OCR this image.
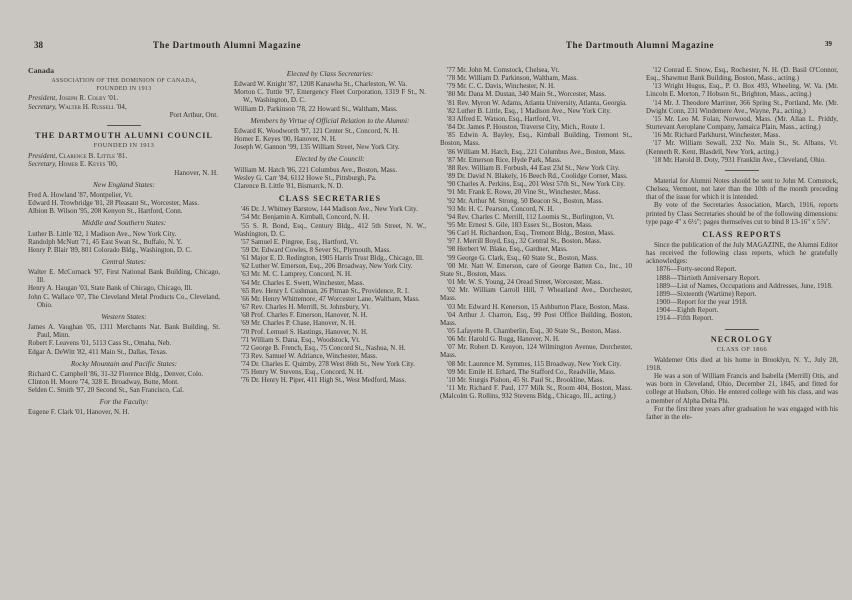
38	The Dartmouth Alumni Magazine
Canada
ASSOCIATION OF THE DOMINION OF CANADA, FOUNDED IN 1913
President, Joseph R. Colby '01.
Secretary, Walter H. Russell '04,
Port Arthur, Ont.
THE DARTMOUTH ALUMNI COUNCIL
FOUNDED IN 1913
President, Clarence B. Little '81.
Secretary, Homer E. Keyes '00,
Hanover, N. H.
New England States:
Fred A. Howland '87, Montpelier, Vt.
Edward H. Trowbridge '81, 28 Pleasant St., Worcester, Mass.
Albion B. Wilson '95, 208 Kenyon St., Hartford, Conn.
Middle and Southern States:
Luther B. Little '82, 1 Madison Ave., New York City.
Randolph McNutt '71, 45 East Swan St., Buffalo, N. Y.
Henry P. Blair '89, 801 Colorado Bldg., Washington, D. C.
Central States:
Walter E. McCornack '97, First National Bank Building, Chicago, Ill.
Henry A. Haugan '03, State Bank of Chicago, Chicago, Ill.
John C. Wallace '07, The Cleveland Metal Products Co., Cleveland, Ohio.
Western States:
James A. Vaughan '05, 1311 Merchants Nat. Bank Building, St. Paul, Minn.
Robert F. Leavens '01, 5113 Cass St., Omaha, Neb.
Edgar A. DeWitt '82, 411 Main St., Dallas, Texas.
Rocky Mountain and Pacific States:
Richard C. Campbell '86, 31-32 Florence Bldg., Denver, Colo.
Clinton H. Moore '74, 328 E. Broadway, Butte, Mont.
Selden C. Smith '97, 20 Second St., San Francisco, Cal.
For the Faculty:
Eugene F. Clark '01, Hanover, N. H.
Elected by Class Secretaries:
Edward W. Knight '87, 1208 Kanawha St., Charleston, W. Va.
Morton C. Tuttle '97, Emergency Fleet Corporation, 1319 F St., N. W., Washington, D. C.
William D. Parkinson '78, 22 Howard St., Waltham, Mass.
Members by Virtue of Official Relation to the Alumni:
Edward K. Woodworth '97, 121 Center St., Concord, N. H.
Homer E. Keyes '00, Hanover, N. H.
Joseph W. Gannon '99, 135 William Street, New York City.
Elected by the Council:
William M. Hatch '86, 221 Columbus Ave., Boston, Mass.
Wesley G. Carr '84, 6112 Howe St., Pittsburgh, Pa.
Clarence B. Little '81, Bismarck, N. D.
CLASS SECRETARIES
'46 Dr. J. Whitney Barstow, 144 Madison Ave., New York City.
'54 Mr. Benjamin A. Kimball, Concord, N. H.
'55 S. R. Bond, Esq., Century Bldg., 412 5th Street, N. W., Washington, D. C.
'57 Samuel E. Pingree, Esq., Hartford, Vt.
'59 Dr. Edward Cowles, 8 Sever St., Plymouth, Mass.
'61 Major E. D. Redington, 1905 Harris Trust Bldg., Chicago, Ill.
'62 Luther W. Emerson, Esq., 206 Broadway, New York City.
'63 Mr. M. C. Lamprey, Concord, N. H.
'64 Mr. Charles E. Swett, Winchester, Mass.
'65 Rev. Henry I. Cushman, 26 Pitman St., Providence, R. I.
'66 Mr. Henry Whittemore, 47 Worcester Lane, Waltham, Mass.
'67 Rev. Charles H. Merrill, St. Johnsbury, Vt.
'68 Prof. Charles F. Emerson, Hanover, N. H.
'69 Mr. Charles P. Chase, Hanover, N. H.
'70 Prof. Lemuel S. Hastings, Hanover, N. H.
'71 William S. Dana, Esq., Woodstock, Vt.
'72 George B. French, Esq., 75 Concord St., Nashua, N. H.
'73 Rev. Samuel W. Adriance, Winchester, Mass.
'74 Dr. Charles E. Quimby, 278 West 86th St., New York City.
'75 Henry W. Stevens, Esq., Concord, N. H.
'76 Dr. Henry H. Piper, 411 High St., West Medford, Mass.
The Dartmouth Alumni Magazine	39
'77 Mr. John M. Comstock, Chelsea, Vt.
'78 Mr. William D. Parkinson, Waltham, Mass.
'79 Mr. C. C. Davis, Winchester, N. H.
'80 Mr. Dana M. Dustan, 340 Main St., Worcester, Mass.
'81 Rev. Myron W. Adams, Atlanta University, Atlanta, Georgia.
'82 Luther B. Little, Esq., 1 Madison Ave., New York City.
'83 Alfred E. Watson, Esq., Hartford, Vt.
'84 Dr. James P. Houston, Traverse City, Mich., Route 1.
'85 Edwin A. Bayley, Esq., Kimball Building, Tremont St., Boston, Mass.
'86 William M. Hatch, Esq., 221 Columbus Ave., Boston, Mass.
'87 Mr. Emerson Rice, Hyde Park, Mass.
'88 Rev. William B. Forbush, 44 East 23d St., New York City.
'89 Dr. David N. Blakely, 16 Beech Rd., Coolidge Corner, Mass.
'90 Charles A. Perkins, Esq., 201 West 57th St., New York City.
'91 Mr. Frank E. Rowe, 20 Vine St., Winchester, Mass.
'92 Mr. Arthur M. Strong, 50 Beacon St., Boston, Mass.
'93 Mr. H. C. Pearson, Concord, N. H.
'94 Rev. Charles C. Merrill, 112 Loomis St., Burlington, Vt.
'95 Mr. Ernest S. Gile, 183 Essex St., Boston, Mass.
'96 Carl H. Richardson, Esq., Tremont Bldg., Boston, Mass.
'97 J. Merrill Boyd, Esq., 32 Central St., Boston, Mass.
'98 Herbert W. Blake, Esq., Gardner, Mass.
'99 George G. Clark, Esq., 60 State St., Boston, Mass.
'00 Mr. Natt W. Emerson, care of George Batten Co., Inc., 10 State St., Boston, Mass.
'01 Mr. W. S. Young, 24 Oread Street, Worcester, Mass.
'02 Mr. William Carroll Hill, 7 Wheatland Ave., Dorchester, Mass.
'03 Mr. Edward H. Kenerson, 15 Ashburton Place, Boston, Mass.
'04 Arthur J. Charron, Esq., 99 Post Office Building, Boston, Mass.
'05 Lafayette R. Chamberlin, Esq., 30 State St., Boston, Mass.
'06 Mr. Harold G. Rugg, Hanover, N. H.
'07 Mr. Robert D. Kenyon, 124 Wilmington Avenue, Dorchester, Mass.
'08 Mr. Laurence M. Symmes, 115 Broadway, New York City.
'09 Mr. Emile H. Erhard, The Stafford Co., Readville, Mass.
'10 Mr. Sturgis Pishon, 45 St. Paul St., Brookline, Mass.
'11 Mr. Richard F. Paul, 177 Milk St., Room 404, Boston, Mass. (Malcolm G. Rollins, 932 Stevens Bldg., Chicago, Ill., acting.)
'12 Conrad E. Snow, Esq., Rochester, N. H. (D. Basil O'Connor, Esq., Shawmut Bank Building, Boston, Mass., acting.)
'13 Wright Hugus, Esq., P. O. Box 493, Wheeling, W. Va. (Mr. Lincoln E. Morton, 7 Hobson St., Brighton, Mass., acting.)
'14 Mr. J. Theodore Marriner, 366 Spring St., Portland, Me. (Mr. Dwight Conn, 231 Windemere Ave., Wayne, Pa., acting.)
'15 Mr. Leo M. Folan, Norwood, Mass. (Mr. Allan L. Priddy, Sturtevant Aeroplane Company, Jamaica Plain, Mass., acting.)
'16 Mr. Richard Parkhurst, Winchester, Mass.
'17 Mr. William Sewall, 232 No. Main St., St. Albans, Vt. (Kenneth R. Kent, Blasdell, New York, acting.)
'18 Mr. Harold B. Doty, 7931 Franklin Ave., Cleveland, Ohio.
Material for Alumni Notes should be sent to John M. Comstock, Chelsea, Vermont, not later than the 10th of the month preceding that of the issue for which it is intended.
By vote of the Secretaries Association, March, 1916, reports printed by Class Secretaries should be of the following dimensions: type page 4" x 6½"; pages themselves cut to bind 8 13-16" x 5⅞".
CLASS REPORTS
Since the publication of the July MAGAZINE, the Alumni Editor has received the following class reports, which he gratefully acknowledges:
1876—Forty-second Report.
1888—Thirtieth Anniversary Report.
1889—List of Names, Occupations and Addresses, June, 1918.
1899—Sixteenth (Wartime) Report.
1900—Report for the year 1918.
1904—Eighth Report.
1914—Fifth Report.
NECROLOGY
CLASS OF 1866
Waldemer Otis died at his home in Brooklyn, N. Y., July 28, 1918.
He was a son of William Francis and Isabella (Merrill) Otis, and was born in Cleveland, Ohio, December 21, 1845, and fitted for college at Hudson, Ohio. He entered college with his class, and was a member of Alpha Delta Phi.
For the first three years after graduation he was engaged with his father in the ele-
